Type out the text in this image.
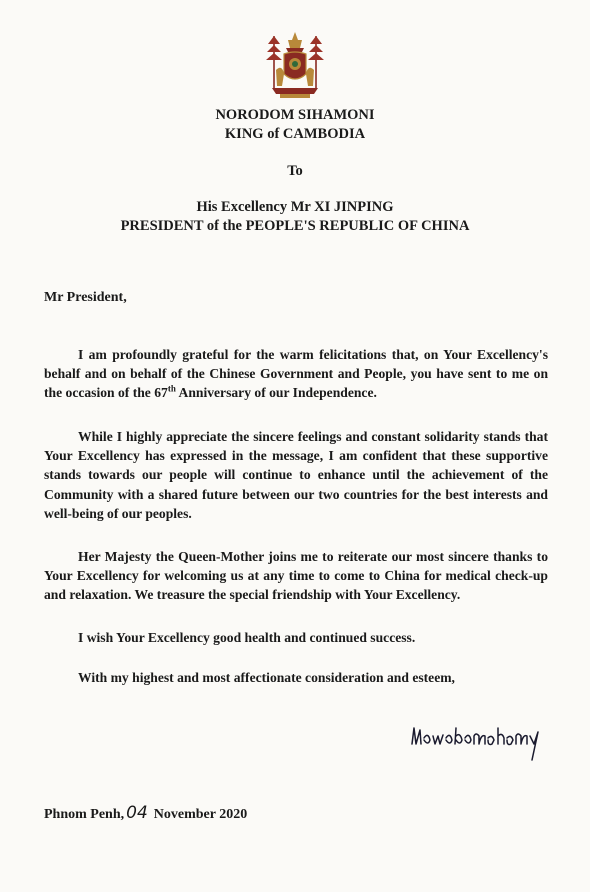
NORODOM SIHAMONI
KING of CAMBODIA
To
His Excellency Mr XI JINPING
PRESIDENT of the PEOPLE'S REPUBLIC OF CHINA
Mr President,

I am profoundly grateful for the warm felicitations that, on Your Excellency's behalf and on behalf of the Chinese Government and People, you have sent to me on the occasion of the 67th Anniversary of our Independence.

While I highly appreciate the sincere feelings and constant solidarity stands that Your Excellency has expressed in the message, I am confident that these supportive stands towards our people will continue to enhance until the achievement of the Community with a shared future between our two countries for the best interests and well-being of our peoples.

Her Majesty the Queen-Mother joins me to reiterate our most sincere thanks to Your Excellency for welcoming us at any time to come to China for medical check-up and relaxation. We treasure the special friendship with Your Excellency.

I wish Your Excellency good health and continued success.

With my highest and most affectionate consideration and esteem,

Phnom Penh, 04 November 2020
